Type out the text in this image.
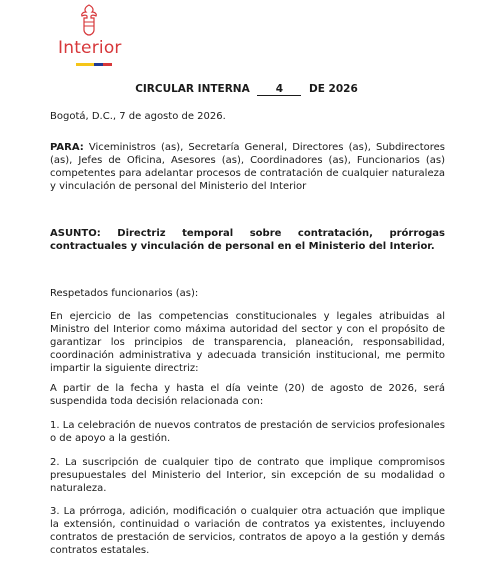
Interior
CIRCULAR INTERNA 4 DE 2026
Bogotá, D.C., 7 de agosto de 2026.
PARA: Viceministros (as), Secretaría General, Directores (as), Subdirectores (as), Jefes de Oficina, Asesores (as), Coordinadores (as), Funcionarios (as) competentes para adelantar procesos de contratación de cualquier naturaleza y vinculación de personal del Ministerio del Interior
ASUNTO: Directriz temporal sobre contratación, prórrogas contractuales y vinculación de personal en el Ministerio del Interior.
Respetados funcionarios (as):
En ejercicio de las competencias constitucionales y legales atribuidas al Ministro del Interior como máxima autoridad del sector y con el propósito de garantizar los principios de transparencia, planeación, responsabilidad, coordinación administrativa y adecuada transición institucional, me permito impartir la siguiente directriz:
A partir de la fecha y hasta el día veinte (20) de agosto de 2026, será suspendida toda decisión relacionada con:
1. La celebración de nuevos contratos de prestación de servicios profesionales o de apoyo a la gestión.
2. La suscripción de cualquier tipo de contrato que implique compromisos presupuestales del Ministerio del Interior, sin excepción de su modalidad o naturaleza.
3. La prórroga, adición, modificación o cualquier otra actuación que implique la extensión, continuidad o variación de contratos ya existentes, incluyendo contratos de prestación de servicios, contratos de apoyo a la gestión y demás contratos estatales.
